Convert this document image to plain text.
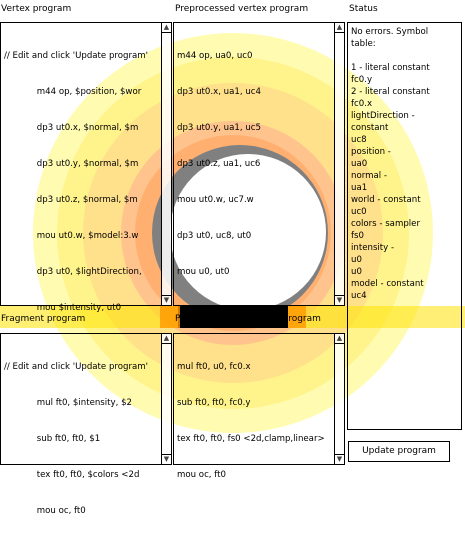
Vertex program

// Edit and click 'Update program'

m44 op, $position, $wor

dp3 ut0.x, $normal, $m

dp3 ut0.y, $normal, $m

dp3 ut0.z, $normal, $m

mou ut0.w, $model:3.w

dp3 ut0, $lightDirection,

mou $intensity, ut0

▲
▼
Preprocessed vertex program

m44 op, ua0, uc0

dp3 ut0.x, ua1, uc4

dp3 ut0.y, ua1, uc5

dp3 ut0.z, ua1, uc6

mou ut0.w, uc7.w

dp3 ut0, uc8, ut0

mou u0, ut0

▲
▼
Fragment program

// Edit and click 'Update program'

mul ft0, $intensity, $2

sub ft0, ft0, $1

tex ft0, ft0, $colors <2d

mou oc, ft0

▲
▼
Preprocessed fragment program

mul ft0, u0, fc0.x

sub ft0, ft0, fc0.y

tex ft0, ft0, fs0 <2d,clamp,linear>

mou oc, ft0

▲
▼
Status
No errors. Symbol
table:

1 - literal constant
fc0.y
2 - literal constant
fc0.x
lightDirection -
constant
uc8
position -
ua0
normal -
ua1
world - constant
uc0
colors - sampler
fs0
intensity -
u0
u0
model - constant
uc4
Update program
